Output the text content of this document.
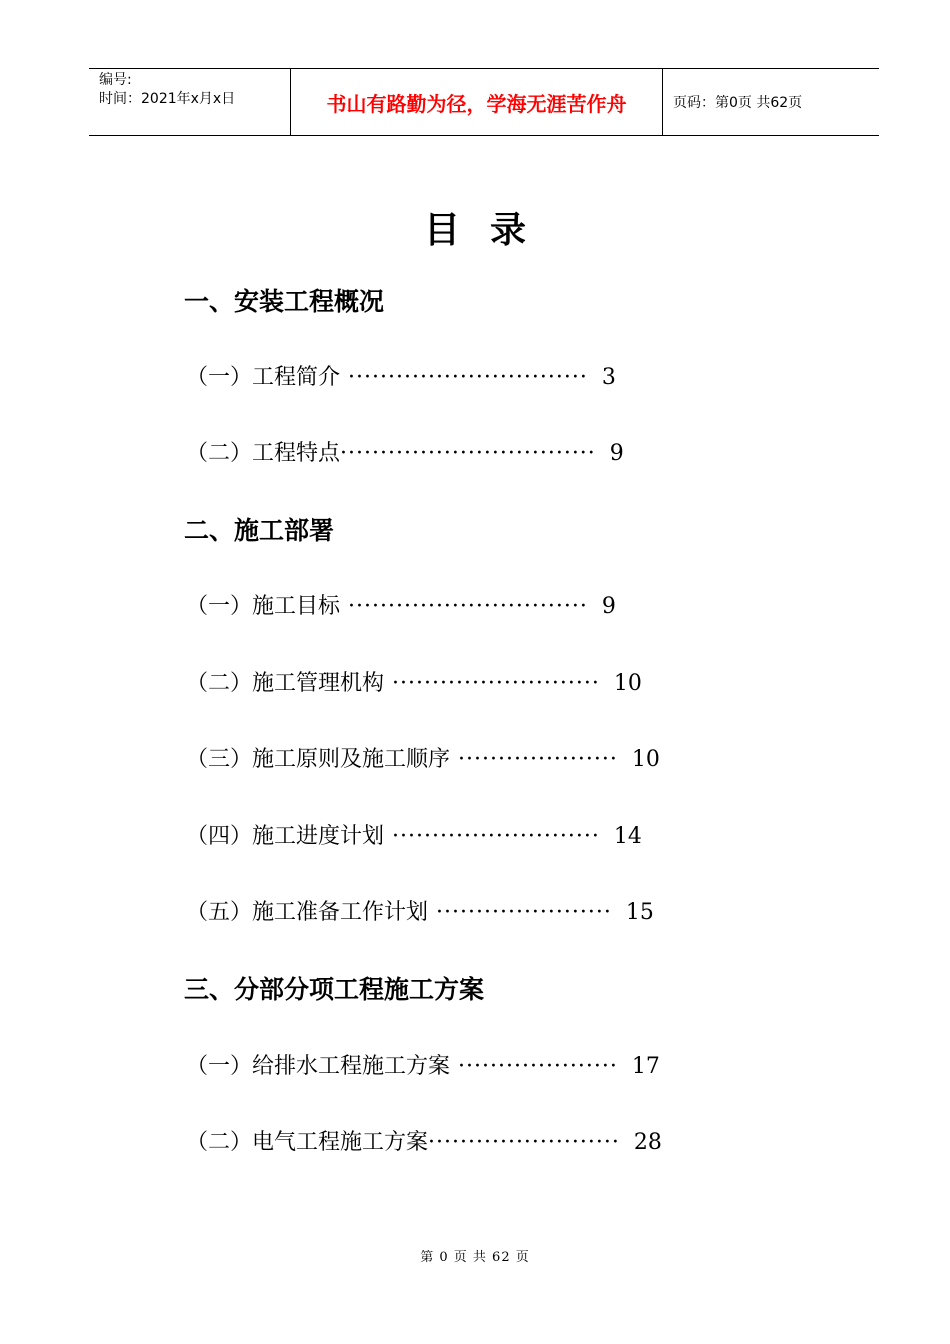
编号:
时间：2021年x月x日	书山有路勤为径，学海无涯苦作舟	页码：第0页 共62页
目录
一、安装工程概况
（一）工程简介 ······························ 3
（二）工程特点 ································ 9
二、施工部署
（一）施工目标 ······························ 9
（二）施工管理机构 ·························· 10
（三）施工原则及施工顺序 ···················· 10
（四）施工进度计划 ·························· 14
（五）施工准备工作计划 ······················ 15
三、分部分项工程施工方案
（一）给排水工程施工方案 ···················· 17
（二）电气工程施工方案 ························ 28
第 0 页 共 62 页
